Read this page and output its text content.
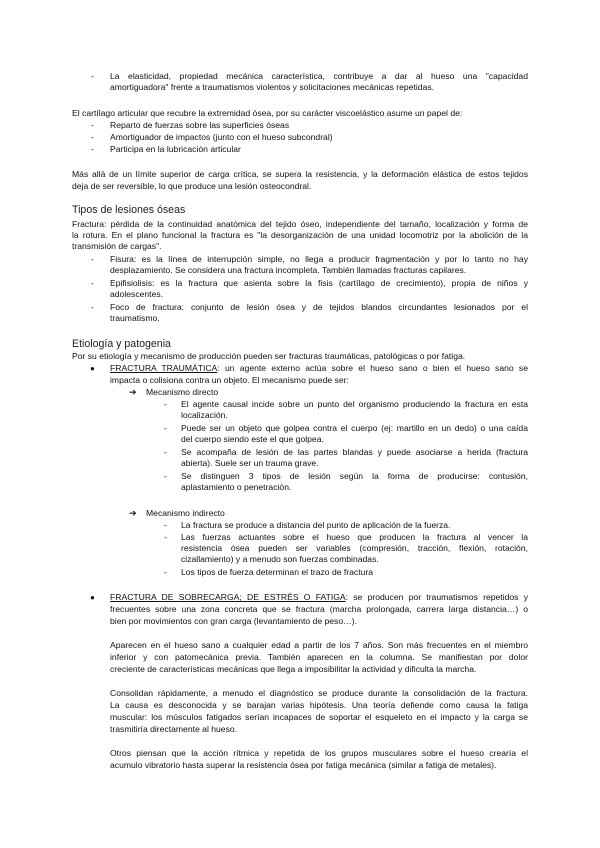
- La elasticidad, propiedad mecánica característica, contribuye a dar al hueso una "capacidad
amortiguadora" frente a traumatismos violentos y solicitaciones mecánicas repetidas.
El cartílago articular que recubre la extremidad ósea, por su carácter viscoelástico asume un papel de:
- Reparto de fuerzas sobre las superficies óseas
- Amortiguador de impactos (junto con el hueso subcondral)
- Participa en la lubricación articular
Más allá de un límite superior de carga crítica, se supera la resistencia, y la deformación elástica de estos tejidos
deja de ser reversible, lo que produce una lesión osteocondral.
Tipos de lesiones óseas
Fractura: pérdida de la continuidad anatómica del tejido óseo, independiente del tamaño, localización y forma de
la rotura. En el plano funcional la fractura es "la desorganización de una unidad locomotriz por la abolición de la
transmisión de cargas".
- Fisura: es la línea de interrupción simple, no llega a producir fragmentación y por lo tanto no hay
desplazamiento. Se considera una fractura incompleta. También llamadas fracturas capilares.
- Epifisiolisis: es la fractura que asienta sobre la fisis (cartílago de crecimiento), propia de niños y
adolescentes.
- Foco de fractura: conjunto de lesión ósea y de tejidos blandos circundantes lesionados por el
traumatismo.
Etiología y patogenia
Por su etiología y mecanismo de producción pueden ser fracturas traumáticas, patológicas o por fatiga.
● FRACTURA TRAUMÁTICA: un agente externo actúa sobre el hueso sano o bien el hueso sano se
impacta o colisiona contra un objeto. El mecanismo puede ser:
➔ Mecanismo directo
- El agente causal incide sobre un punto del organismo produciendo la fractura en esta
localización.
- Puede ser un objeto que golpea contra el cuerpo (ej: martillo en un dedo) o una caída
del cuerpo siendo este el que golpea.
- Se acompaña de lesión de las partes blandas y puede asociarse a herida (fractura
abierta). Suele ser un trauma grave.
- Se distinguen 3 tipos de lesión según la forma de producirse: contusión,
aplastamiento o penetración.
➔ Mecanismo indirecto
- La fractura se produce a distancia del punto de aplicación de la fuerza.
- Las fuerzas actuantes sobre el hueso que producen la fractura al vencer la
resistencia ósea pueden ser variables (compresión, tracción, flexión, rotación,
cizallamiento) y a menudo son fuerzas combinadas.
- Los tipos de fuerza determinan el trazo de fractura
● FRACTURA DE SOBRECARGA; DE ESTRÉS O FATIGA: se producen por traumatismos repetidos y
frecuentes sobre una zona concreta que se fractura (marcha prolongada, carrera larga distancia…) o
bien por movimientos con gran carga (levantamiento de peso…).
Aparecen en el hueso sano a cualquier edad a partir de los 7 años. Son más frecuentes en el miembro
inferior y con patomecánica previa. También aparecen en la columna. Se manifiestan por dolor
creciente de características mecánicas que llega a imposibilitar la actividad y dificulta la marcha.
Consolidan rápidamente, a menudo el diagnóstico se produce durante la consolidación de la fractura.
La causa es desconocida y se barajan varias hipótesis. Una teoría defiende como causa la fatiga
muscular: los músculos fatigados serían incapaces de soportar el esqueleto en el impacto y la carga se
trasmitiría directamente al hueso.
Otros piensan que la acción rítmica y repetida de los grupos musculares sobre el hueso crearía el
acumulo vibratorio hasta superar la resistencia ósea por fatiga mecánica (similar a fatiga de metales).
